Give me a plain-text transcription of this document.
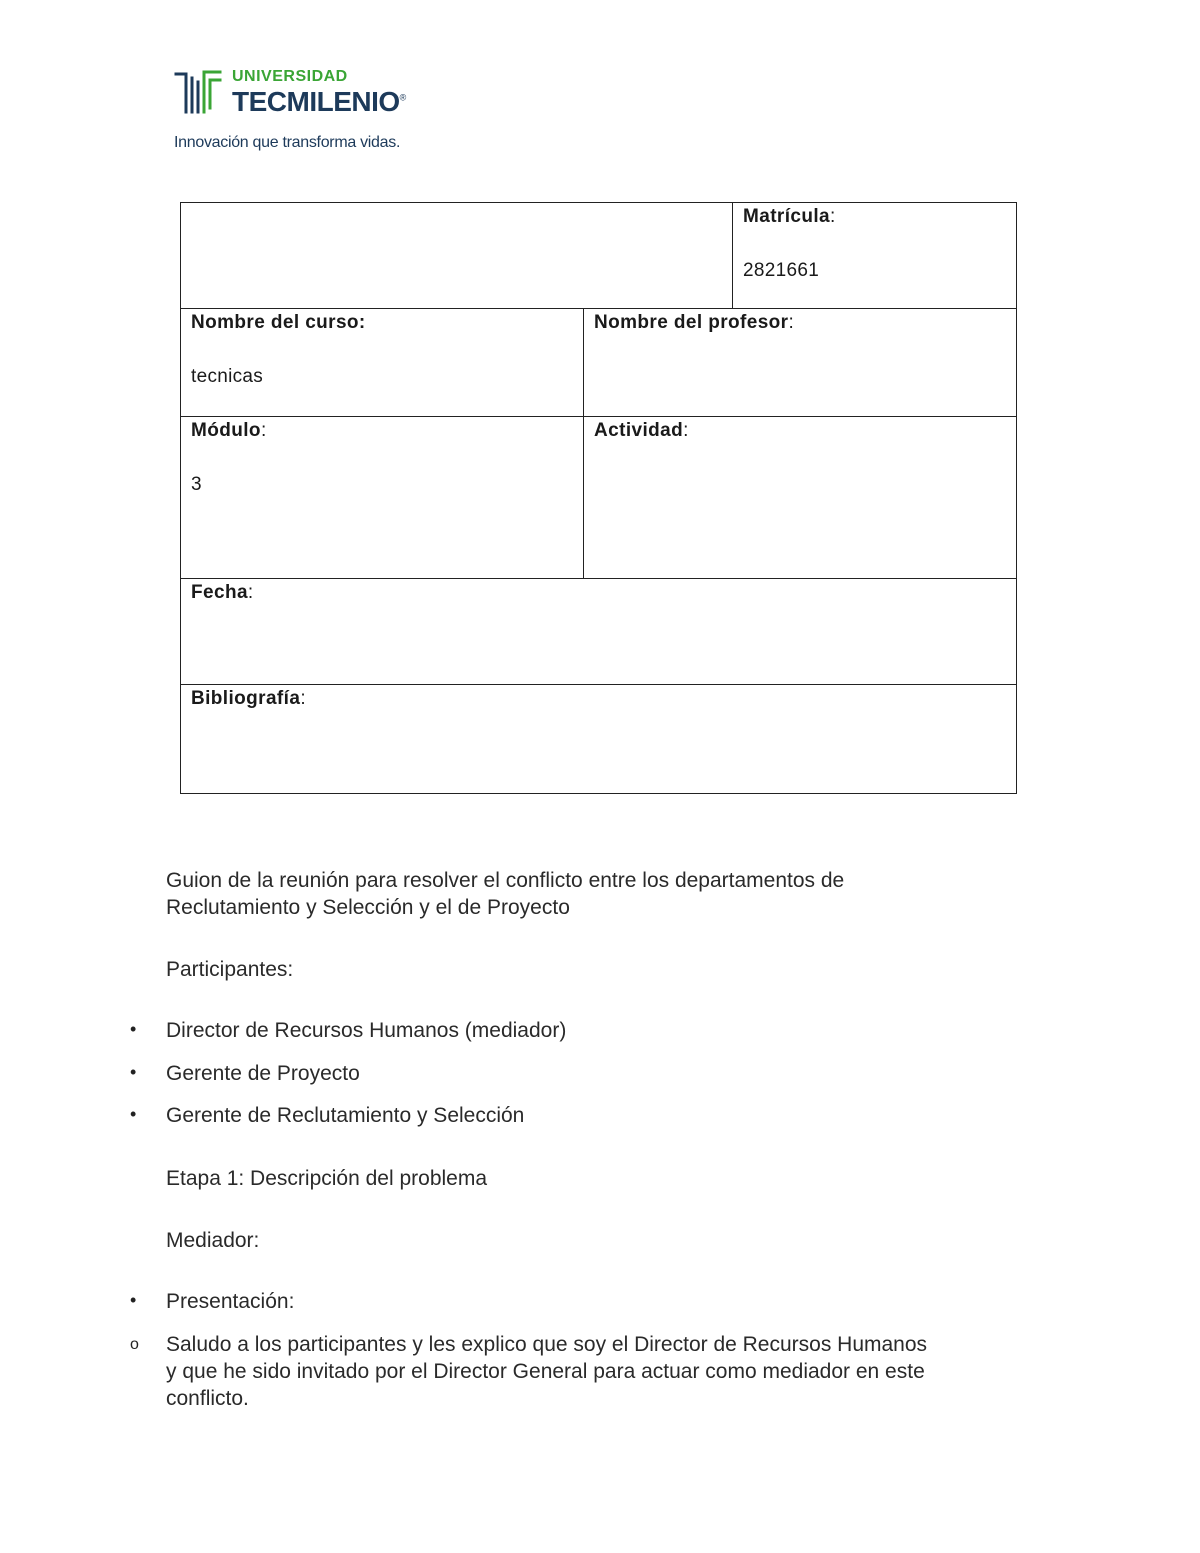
UNIVERSIDAD
TECMILENIO®
Innovación que transforma vidas.

		Matrícula:
2821661

Nombre del curso:
tecnicas	Nombre del profesor:	

Módulo:
3	Actividad:	

Fecha:		

Bibliografía:		
Guion de la reunión para resolver el conflicto entre los departamentos de
Reclutamiento y Selección y el de Proyecto
Participantes:
• Director de Recursos Humanos (mediador)
• Gerente de Proyecto
• Gerente de Reclutamiento y Selección
Etapa 1: Descripción del problema
Mediador:
• Presentación:
o Saludo a los participantes y les explico que soy el Director de Recursos Humanos
y que he sido invitado por el Director General para actuar como mediador en este
conflicto.
